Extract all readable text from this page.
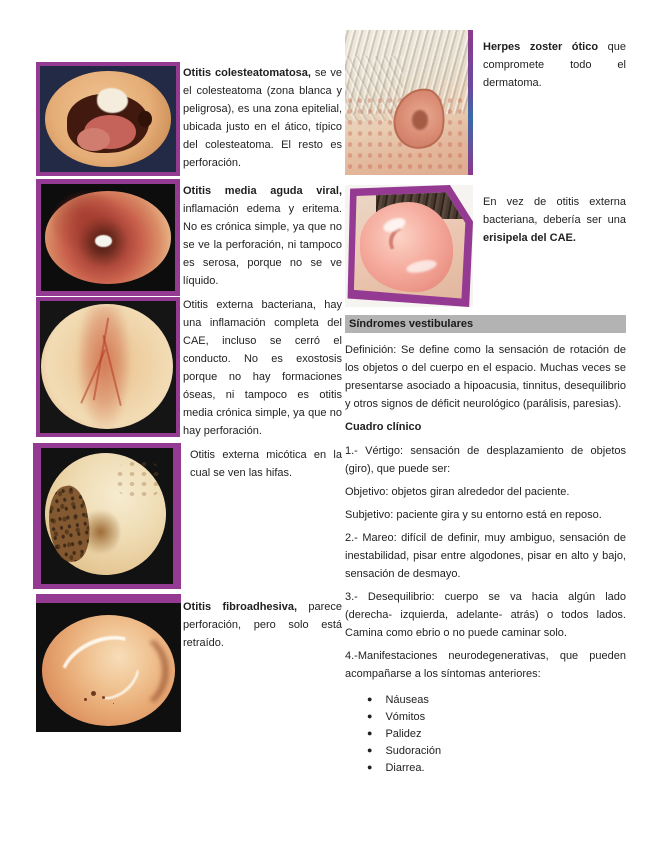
Otitis colesteatomatosa, se ve el colesteatoma (zona blanca y peligrosa), es una zona epitelial, ubicada justo en el ático, típico del colesteatoma. El resto es perforación.
Otitis media aguda viral, inflamación edema y eritema. No es crónica simple, ya que no se ve la perforación, ni tampoco es serosa, porque no se ve líquido.
Otitis externa bacteriana, hay una inflamación completa del CAE, incluso se cerró el conducto. No es exostosis porque no hay formaciones óseas, ni tampoco es otitis media crónica simple, ya que no hay perforación.
Otitis externa micótica en la cual se ven las hifas.
Otitis fibroadhesiva, parece perforación, pero solo está retraído.
Herpes zoster ótico que compromete todo el dermatoma.
En vez de otitis externa bacteriana, debería ser una erisipela del CAE.
Síndromes vestibulares

Definición: Se define como la sensación de rotación de los objetos o del cuerpo en el espacio. Muchas veces se presentarse asociado a hipoacusia, tinnitus, desequilibrio y otros signos de déficit neurológico (parálisis, paresias).

Cuadro clínico

1.- Vértigo: sensación de desplazamiento de objetos (giro), que puede ser:

Objetivo: objetos giran alrededor del paciente.

Subjetivo: paciente gira y su entorno está en reposo.

2.- Mareo: difícil de definir, muy ambiguo, sensación de inestabilidad, pisar entre algodones, pisar en alto y bajo, sensación de desmayo.

3.- Desequilibrio: cuerpo se va hacia algún lado (derecha- izquierda, adelante- atrás) o todos lados. Camina como ebrio o no puede caminar solo.

4.-Manifestaciones neurodegenerativas, que pueden acompañarse a los síntomas anteriores:

● Náuseas
● Vómitos
● Palidez
● Sudoración
● Diarrea.
